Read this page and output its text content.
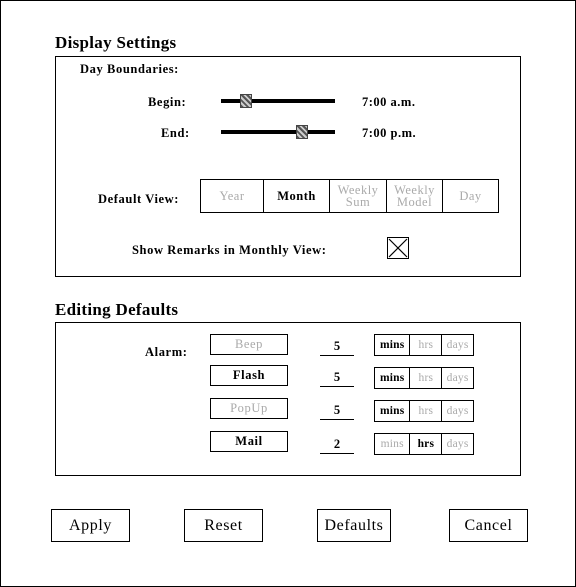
Display Settings
Day Boundaries:
Begin:	7:00 a.m.
End:	7:00 p.m.
Default View:	Year	Month	Weekly Sum
Weekly Model	Day
Show Remarks in Monthly View:
Editing Defaults
Alarm:
Beep	5	mins	hrs	days
Flash	5	mins	hrs	days
PopUp	5	mins	hrs	days
Mail	2	mins	hrs	days
Apply	Reset	Defaults	Cancel
